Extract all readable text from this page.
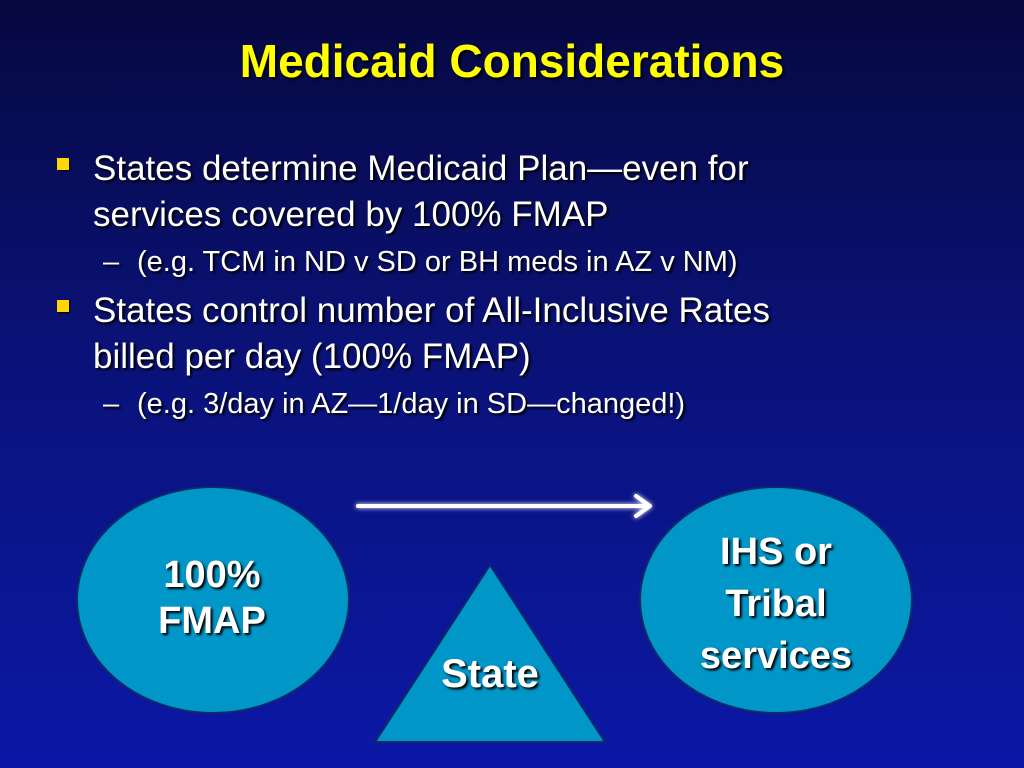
Medicaid Considerations
States determine Medicaid Plan—even for
services covered by 100% FMAP
– (e.g. TCM in ND v SD or BH meds in AZ v NM)
States control number of All-Inclusive Rates
billed per day (100% FMAP)
– (e.g. 3/day in AZ—1/day in SD—changed!)
100%
FMAP
IHS or
Tribal
services
State
